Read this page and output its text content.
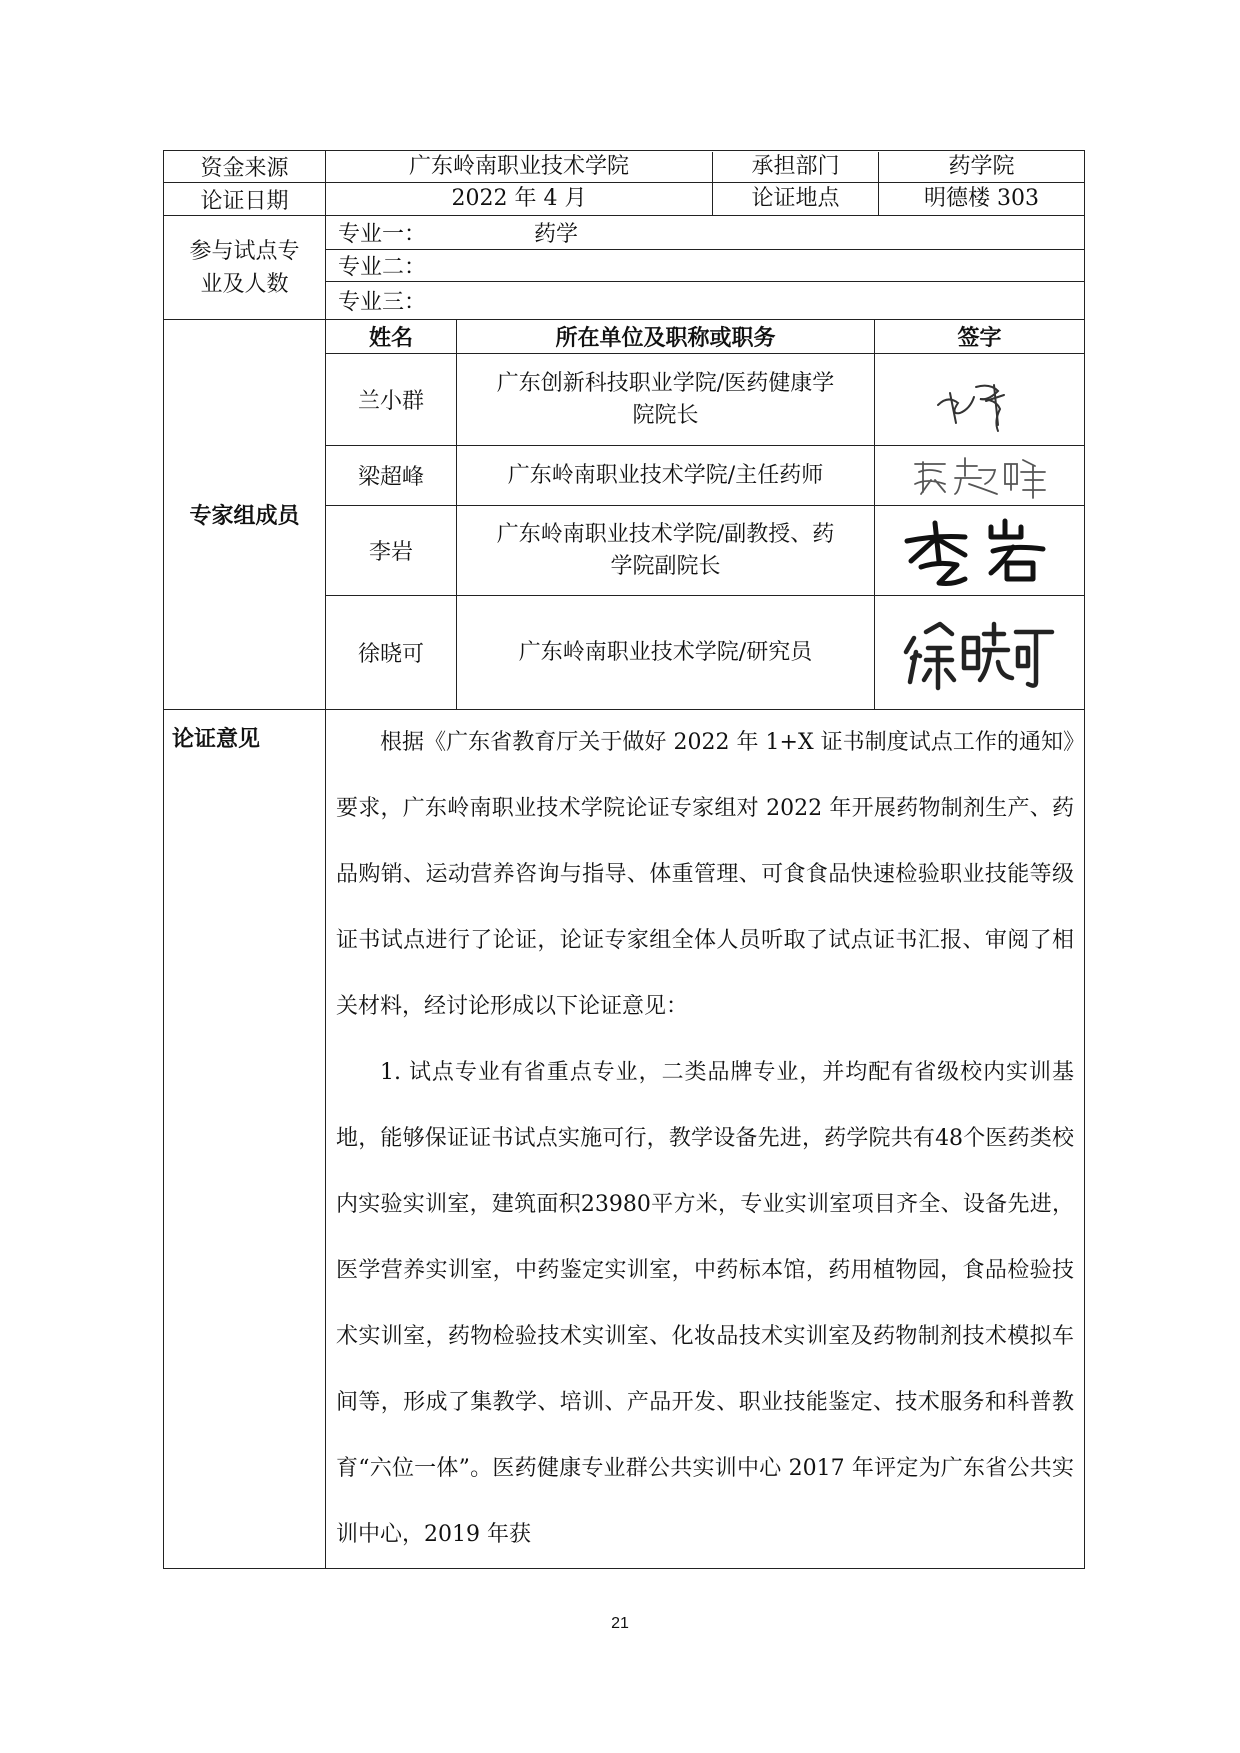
资金来源	广东岭南职业技术学院 承担部门 药学院		

论证日期	2022 年 4 月 论证地点 明德楼 303		

参与试点专
业及人数	专业一： 药学		
	专业二：		
	专业三：		
专家组成员	姓名	所在单位及职称或职务	签字
	兰小群	广东创新科技职业学院/医药健康学
院院长	

	梁超峰	广东岭南职业技术学院/主任药师	

	李岩	广东岭南职业技术学院/副教授、药
学院副院长	

	徐晓可	广东岭南职业技术学院/研究员	

论证意见	根据《广东省教育厅关于做好 2022 年 1+X 证书制度试点工作的通知》要求，广东岭南职业技术学院论证专家组对 2022 年开展药物制剂生产、药品购销、运动营养咨询与指导、体重管理、可食食品快速检验职业技能等级证书试点进行了论证，论证专家组全体人员听取了试点证书汇报、审阅了相关材料，经讨论形成以下论证意见：

1. 试点专业有省重点专业，二类品牌专业，并均配有省级校内实训基地，能够保证证书试点实施可行，教学设备先进，药学院共有48个医药类校内实验实训室，建筑面积23980平方米，专业实训室项目齐全、设备先进，医学营养实训室，中药鉴定实训室，中药标本馆，药用植物园，食品检验技术实训室，药物检验技术实训室、化妆品技术实训室及药物制剂技术模拟车间等，形成了集教学、培训、产品开发、职业技能鉴定、技术服务和科普教育“六位一体”。医药健康专业群公共实训中心 2017 年评定为广东省公共实训中心，2019 年获		

21
